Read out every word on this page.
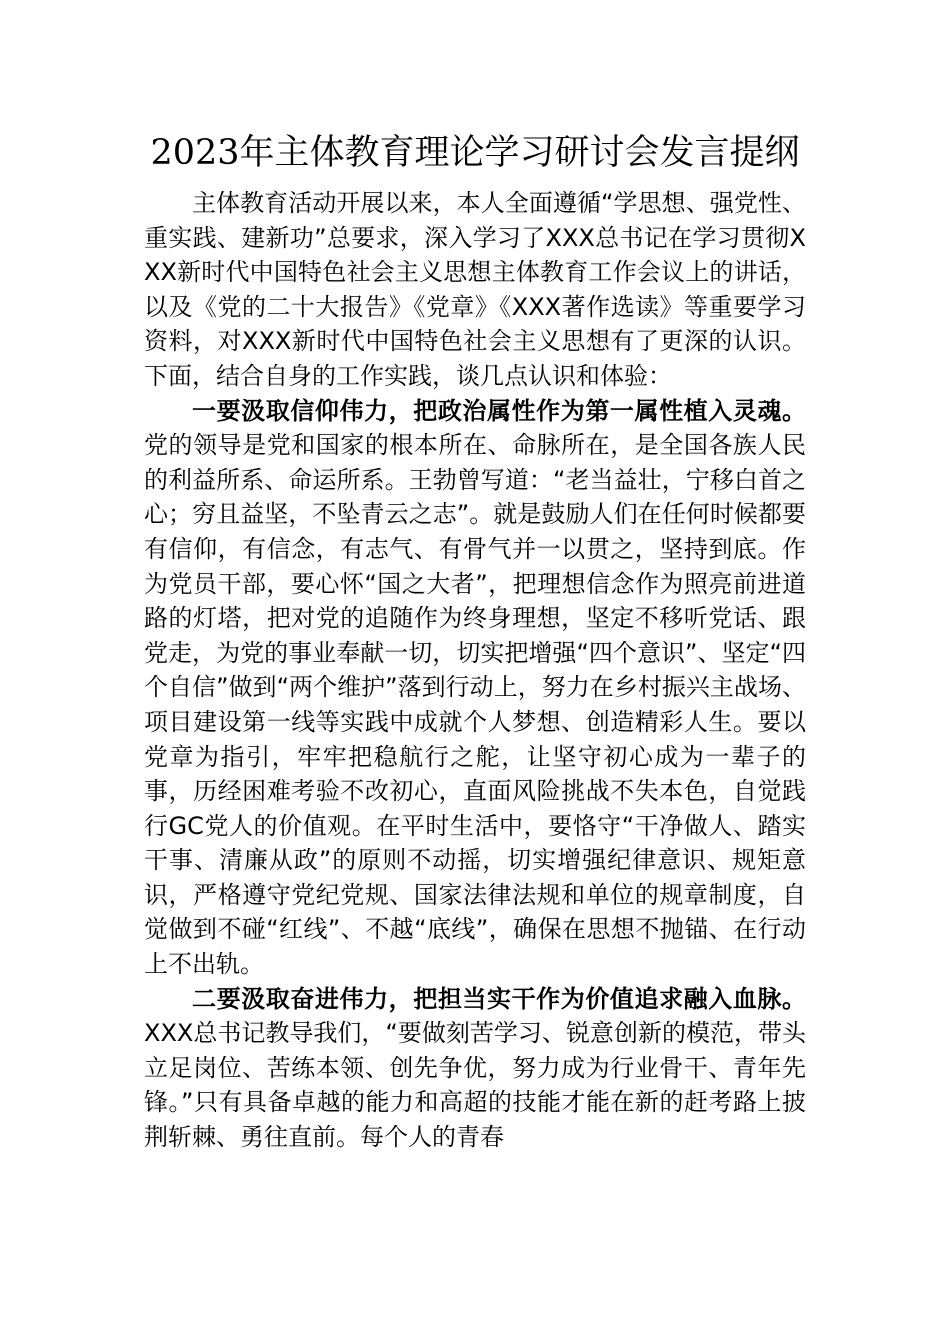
2023年主体教育理论学习研讨会发言提纲

主体教育活动开展以来，本人全面遵循“学思想、强党性、重实践、建新功”总要求，深入学习了XXX总书记在学习贯彻XXX新时代中国特色社会主义思想主体教育工作会议上的讲话，以及《党的二十大报告》《党章》《XXX著作选读》等重要学习资料，对XXX新时代中国特色社会主义思想有了更深的认识。下面，结合自身的工作实践，谈几点认识和体验：

一要汲取信仰伟力，把政治属性作为第一属性植入灵魂。党的领导是党和国家的根本所在、命脉所在，是全国各族人民的利益所系、命运所系。王勃曾写道：“老当益壮，宁移白首之心；穷且益坚，不坠青云之志”。就是鼓励人们在任何时候都要有信仰，有信念，有志气、有骨气并一以贯之，坚持到底。作为党员干部，要心怀“国之大者”，把理想信念作为照亮前进道路的灯塔，把对党的追随作为终身理想，坚定不移听党话、跟党走，为党的事业奉献一切，切实把增强“四个意识”、坚定“四个自信”做到“两个维护”落到行动上，努力在乡村振兴主战场、项目建设第一线等实践中成就个人梦想、创造精彩人生。要以党章为指引，牢牢把稳航行之舵，让坚守初心成为一辈子的事，历经困难考验不改初心，直面风险挑战不失本色，自觉践行GC党人的价值观。在平时生活中，要恪守“干净做人、踏实干事、清廉从政”的原则不动摇，切实增强纪律意识、规矩意识，严格遵守党纪党规、国家法律法规和单位的规章制度，自觉做到不碰“红线”、不越“底线”，确保在思想不抛锚、在行动上不出轨。

二要汲取奋进伟力，把担当实干作为价值追求融入血脉。XXX总书记教导我们，“要做刻苦学习、锐意创新的模范，带头立足岗位、苦练本领、创先争优，努力成为行业骨干、青年先锋。”只有具备卓越的能力和高超的技能才能在新的赶考路上披荆斩棘、勇往直前。每个人的青春
